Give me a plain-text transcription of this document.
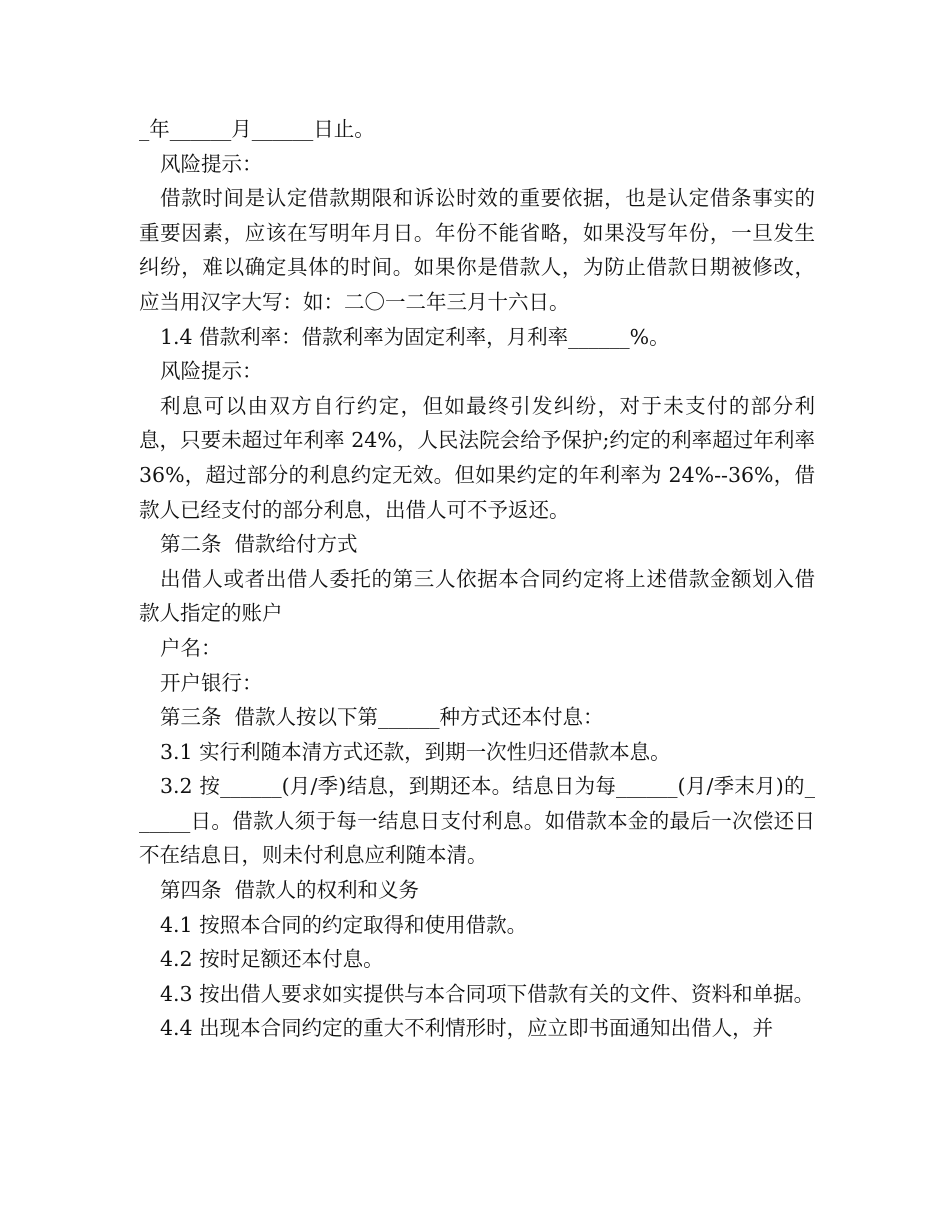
_年______月______日止。

风险提示：

借款时间是认定借款期限和诉讼时效的重要依据，也是认定借条事实的重要因素，应该在写明年月日。年份不能省略，如果没写年份，一旦发生纠纷，难以确定具体的时间。如果你是借款人，为防止借款日期被修改，应当用汉字大写：如：二〇一二年三月十六日。

1.4 借款利率：借款利率为固定利率，月利率______%。

风险提示：

利息可以由双方自行约定，但如最终引发纠纷，对于未支付的部分利息，只要未超过年利率 24%，人民法院会给予保护;约定的利率超过年利率 36%，超过部分的利息约定无效。但如果约定的年利率为 24%--36%，借款人已经支付的部分利息，出借人可不予返还。

第二条  借款给付方式

出借人或者出借人委托的第三人依据本合同约定将上述借款金额划入借款人指定的账户

户名：

开户银行：

第三条  借款人按以下第______种方式还本付息：

3.1 实行利随本清方式还款，到期一次性归还借款本息。

3.2 按______(月/季)结息，到期还本。结息日为每______(月/季末月)的______日。借款人须于每一结息日支付利息。如借款本金的最后一次偿还日不在结息日，则未付利息应利随本清。

第四条  借款人的权利和义务

4.1 按照本合同的约定取得和使用借款。

4.2 按时足额还本付息。

4.3 按出借人要求如实提供与本合同项下借款有关的文件、资料和单据。

4.4 出现本合同约定的重大不利情形时，应立即书面通知出借人，并
